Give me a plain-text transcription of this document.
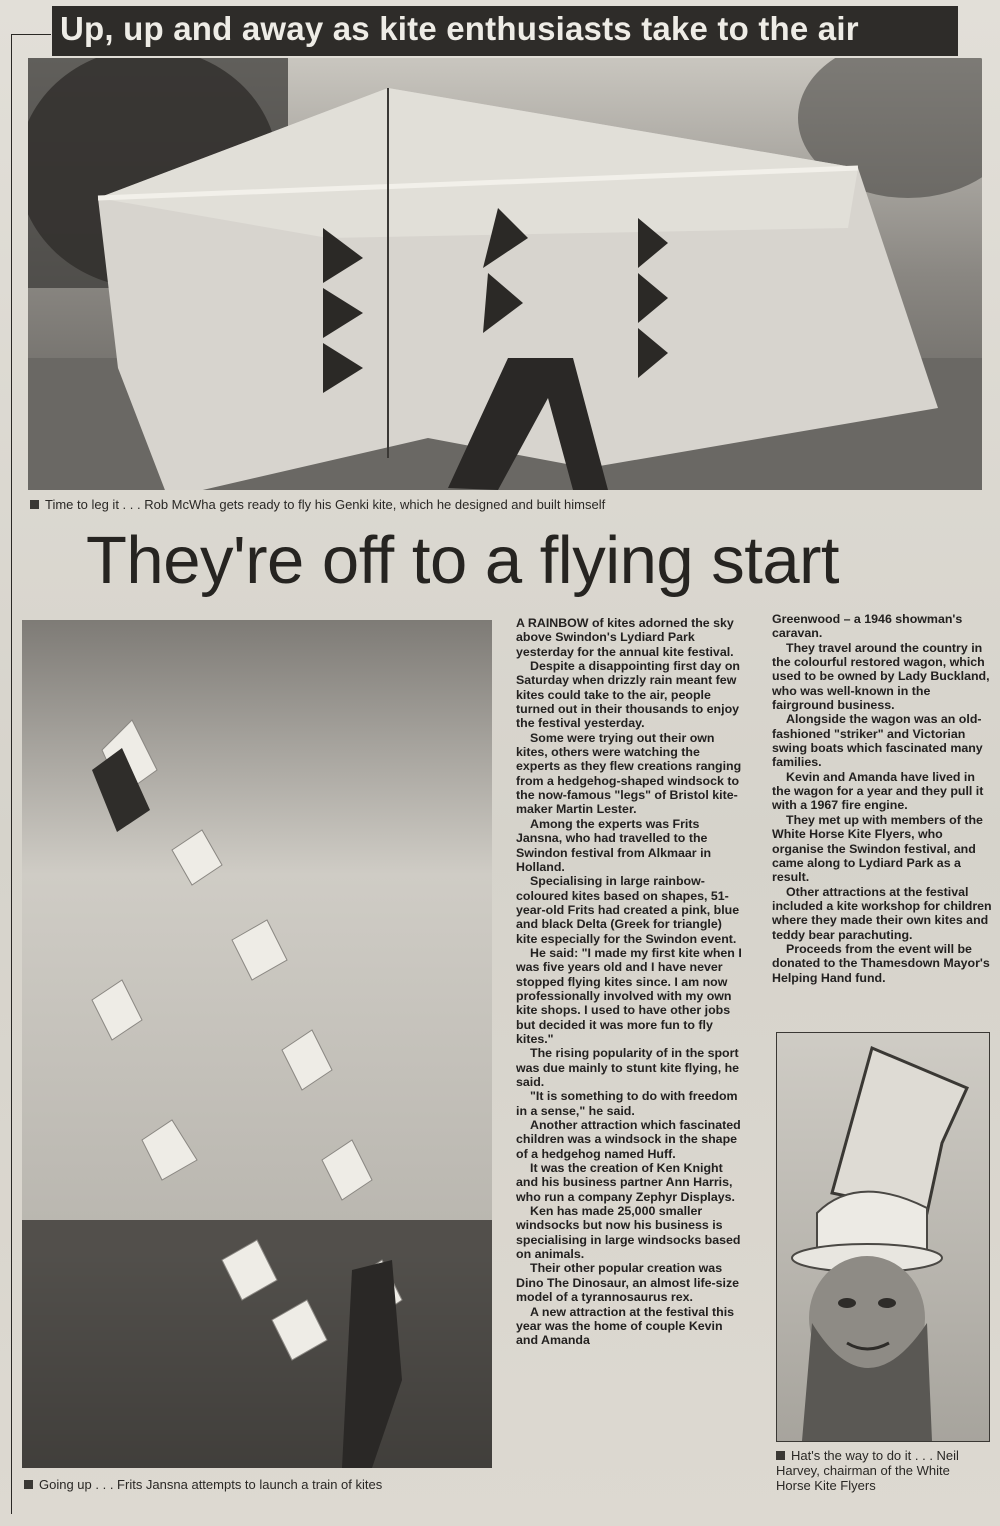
Up, up and away as kite enthusiasts take to the air
Time to leg it . . . Rob McWha gets ready to fly his Genki kite, which he designed and built himself
They're off to a flying start
Going up . . . Frits Jansna attempts to launch a train of kites

A RAINBOW of kites adorned the sky above Swindon's Lydiard Park yesterday for the annual kite festival.

Despite a disappointing first day on Saturday when drizzly rain meant few kites could take to the air, people turned out in their thousands to enjoy the festival yesterday.

Some were trying out their own kites, others were watching the experts as they flew creations ranging from a hedgehog-shaped windsock to the now-famous "legs" of Bristol kite-maker Martin Lester.

Among the experts was Frits Jansna, who had travelled to the Swindon festival from Alkmaar in Holland.

Specialising in large rainbow-coloured kites based on shapes, 51-year-old Frits had created a pink, blue and black Delta (Greek for triangle) kite especially for the Swindon event.

He said: "I made my first kite when I was five years old and I have never stopped flying kites since. I am now professionally involved with my own kite shops. I used to have other jobs but decided it was more fun to fly kites."

The rising popularity of in the sport was due mainly to stunt kite flying, he said.

"It is something to do with freedom in a sense," he said.

Another attraction which fascinated children was a windsock in the shape of a hedgehog named Huff.

It was the creation of Ken Knight and his business partner Ann Harris, who run a company Zephyr Displays.

Ken has made 25,000 smaller windsocks but now his business is specialising in large windsocks based on animals.

Their other popular creation was Dino The Dinosaur, an almost life-size model of a tyrannosaurus rex.

A new attraction at the festival this year was the home of couple Kevin and Amanda

Greenwood – a 1946 showman's caravan.

They travel around the country in the colourful restored wagon, which used to be owned by Lady Buckland, who was well-known in the fairground business.

Alongside the wagon was an old-fashioned "striker" and Victorian swing boats which fascinated many families.

Kevin and Amanda have lived in the wagon for a year and they pull it with a 1967 fire engine.

They met up with members of the White Horse Kite Flyers, who organise the Swindon festival, and came along to Lydiard Park as a result.

Other attractions at the festival included a kite workshop for children where they made their own kites and teddy bear parachuting.

Proceeds from the event will be donated to the Thamesdown Mayor's Helping Hand fund.

Hat's the way to do it . . . Neil Harvey, chairman of the White Horse Kite Flyers
